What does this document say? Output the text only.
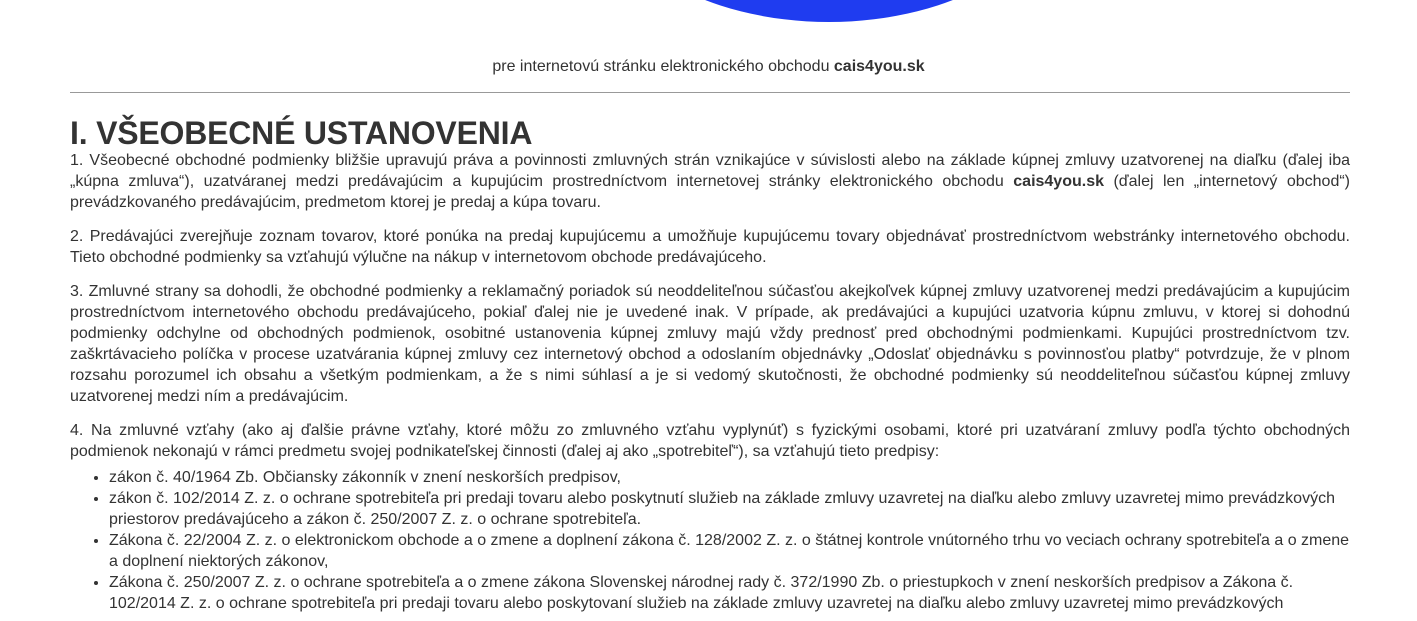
pre internetovú stránku elektronického obchodu cais4you.sk
I. VŠEOBECNÉ USTANOVENIA

1. Všeobecné obchodné podmienky bližšie upravujú práva a povinnosti zmluvných strán vznikajúce v súvislosti alebo na základe kúpnej zmluvy uzatvorenej na diaľku (ďalej iba „kúpna zmluva“), uzatváranej medzi predávajúcim a kupujúcim prostredníctvom internetovej stránky elektronického obchodu cais4you.sk (ďalej len „internetový obchod“) prevádzkovaného predávajúcim, predmetom ktorej je predaj a kúpa tovaru.

2. Predávajúci zverejňuje zoznam tovarov, ktoré ponúka na predaj kupujúcemu a umožňuje kupujúcemu tovary objednávať prostredníctvom webstránky internetového obchodu. Tieto obchodné podmienky sa vzťahujú výlučne na nákup v internetovom obchode predávajúceho.

3. Zmluvné strany sa dohodli, že obchodné podmienky a reklamačný poriadok sú neoddeliteľnou súčasťou akejkoľvek kúpnej zmluvy uzatvorenej medzi predávajúcim a kupujúcim prostredníctvom internetového obchodu predávajúceho, pokiaľ ďalej nie je uvedené inak. V prípade, ak predávajúci a kupujúci uzatvoria kúpnu zmluvu, v ktorej si dohodnú podmienky odchylne od obchodných podmienok, osobitné ustanovenia kúpnej zmluvy majú vždy prednosť pred obchodnými podmienkami. Kupujúci prostredníctvom tzv. zaškrtávacieho políčka v procese uzatvárania kúpnej zmluvy cez internetový obchod a odoslaním objednávky „Odoslať objednávku s povinnosťou platby“ potvrdzuje, že v plnom rozsahu porozumel ich obsahu a všetkým podmienkam, a že s nimi súhlasí a je si vedomý skutočnosti, že obchodné podmienky sú neoddeliteľnou súčasťou kúpnej zmluvy uzatvorenej medzi ním a predávajúcim.

4. Na zmluvné vzťahy (ako aj ďalšie právne vzťahy, ktoré môžu zo zmluvného vzťahu vyplynúť) s fyzickými osobami, ktoré pri uzatváraní zmluvy podľa týchto obchodných podmienok nekonajú v rámci predmetu svojej podnikateľskej činnosti (ďalej aj ako „spotrebiteľ“), sa vzťahujú tieto predpisy:

• zákon č. 40/1964 Zb. Občiansky zákonník v znení neskorších predpisov,
• zákon č. 102/2014 Z. z. o ochrane spotrebiteľa pri predaji tovaru alebo poskytnutí služieb na základe zmluvy uzavretej na diaľku alebo zmluvy uzavretej mimo prevádzkových priestorov predávajúceho a zákon č. 250/2007 Z. z. o ochrane spotrebiteľa.
• Zákona č. 22/2004 Z. z. o elektronickom obchode a o zmene a doplnení zákona č. 128/2002 Z. z. o štátnej kontrole vnútorného trhu vo veciach ochrany spotrebiteľa a o zmene a doplnení niektorých zákonov,
• Zákona č. 250/2007 Z. z. o ochrane spotrebiteľa a o zmene zákona Slovenskej národnej rady č. 372/1990 Zb. o priestupkoch v znení neskorších predpisov a Zákona č. 102/2014 Z. z. o ochrane spotrebiteľa pri predaji tovaru alebo poskytovaní služieb na základe zmluvy uzavretej na diaľku alebo zmluvy uzavretej mimo prevádzkových
